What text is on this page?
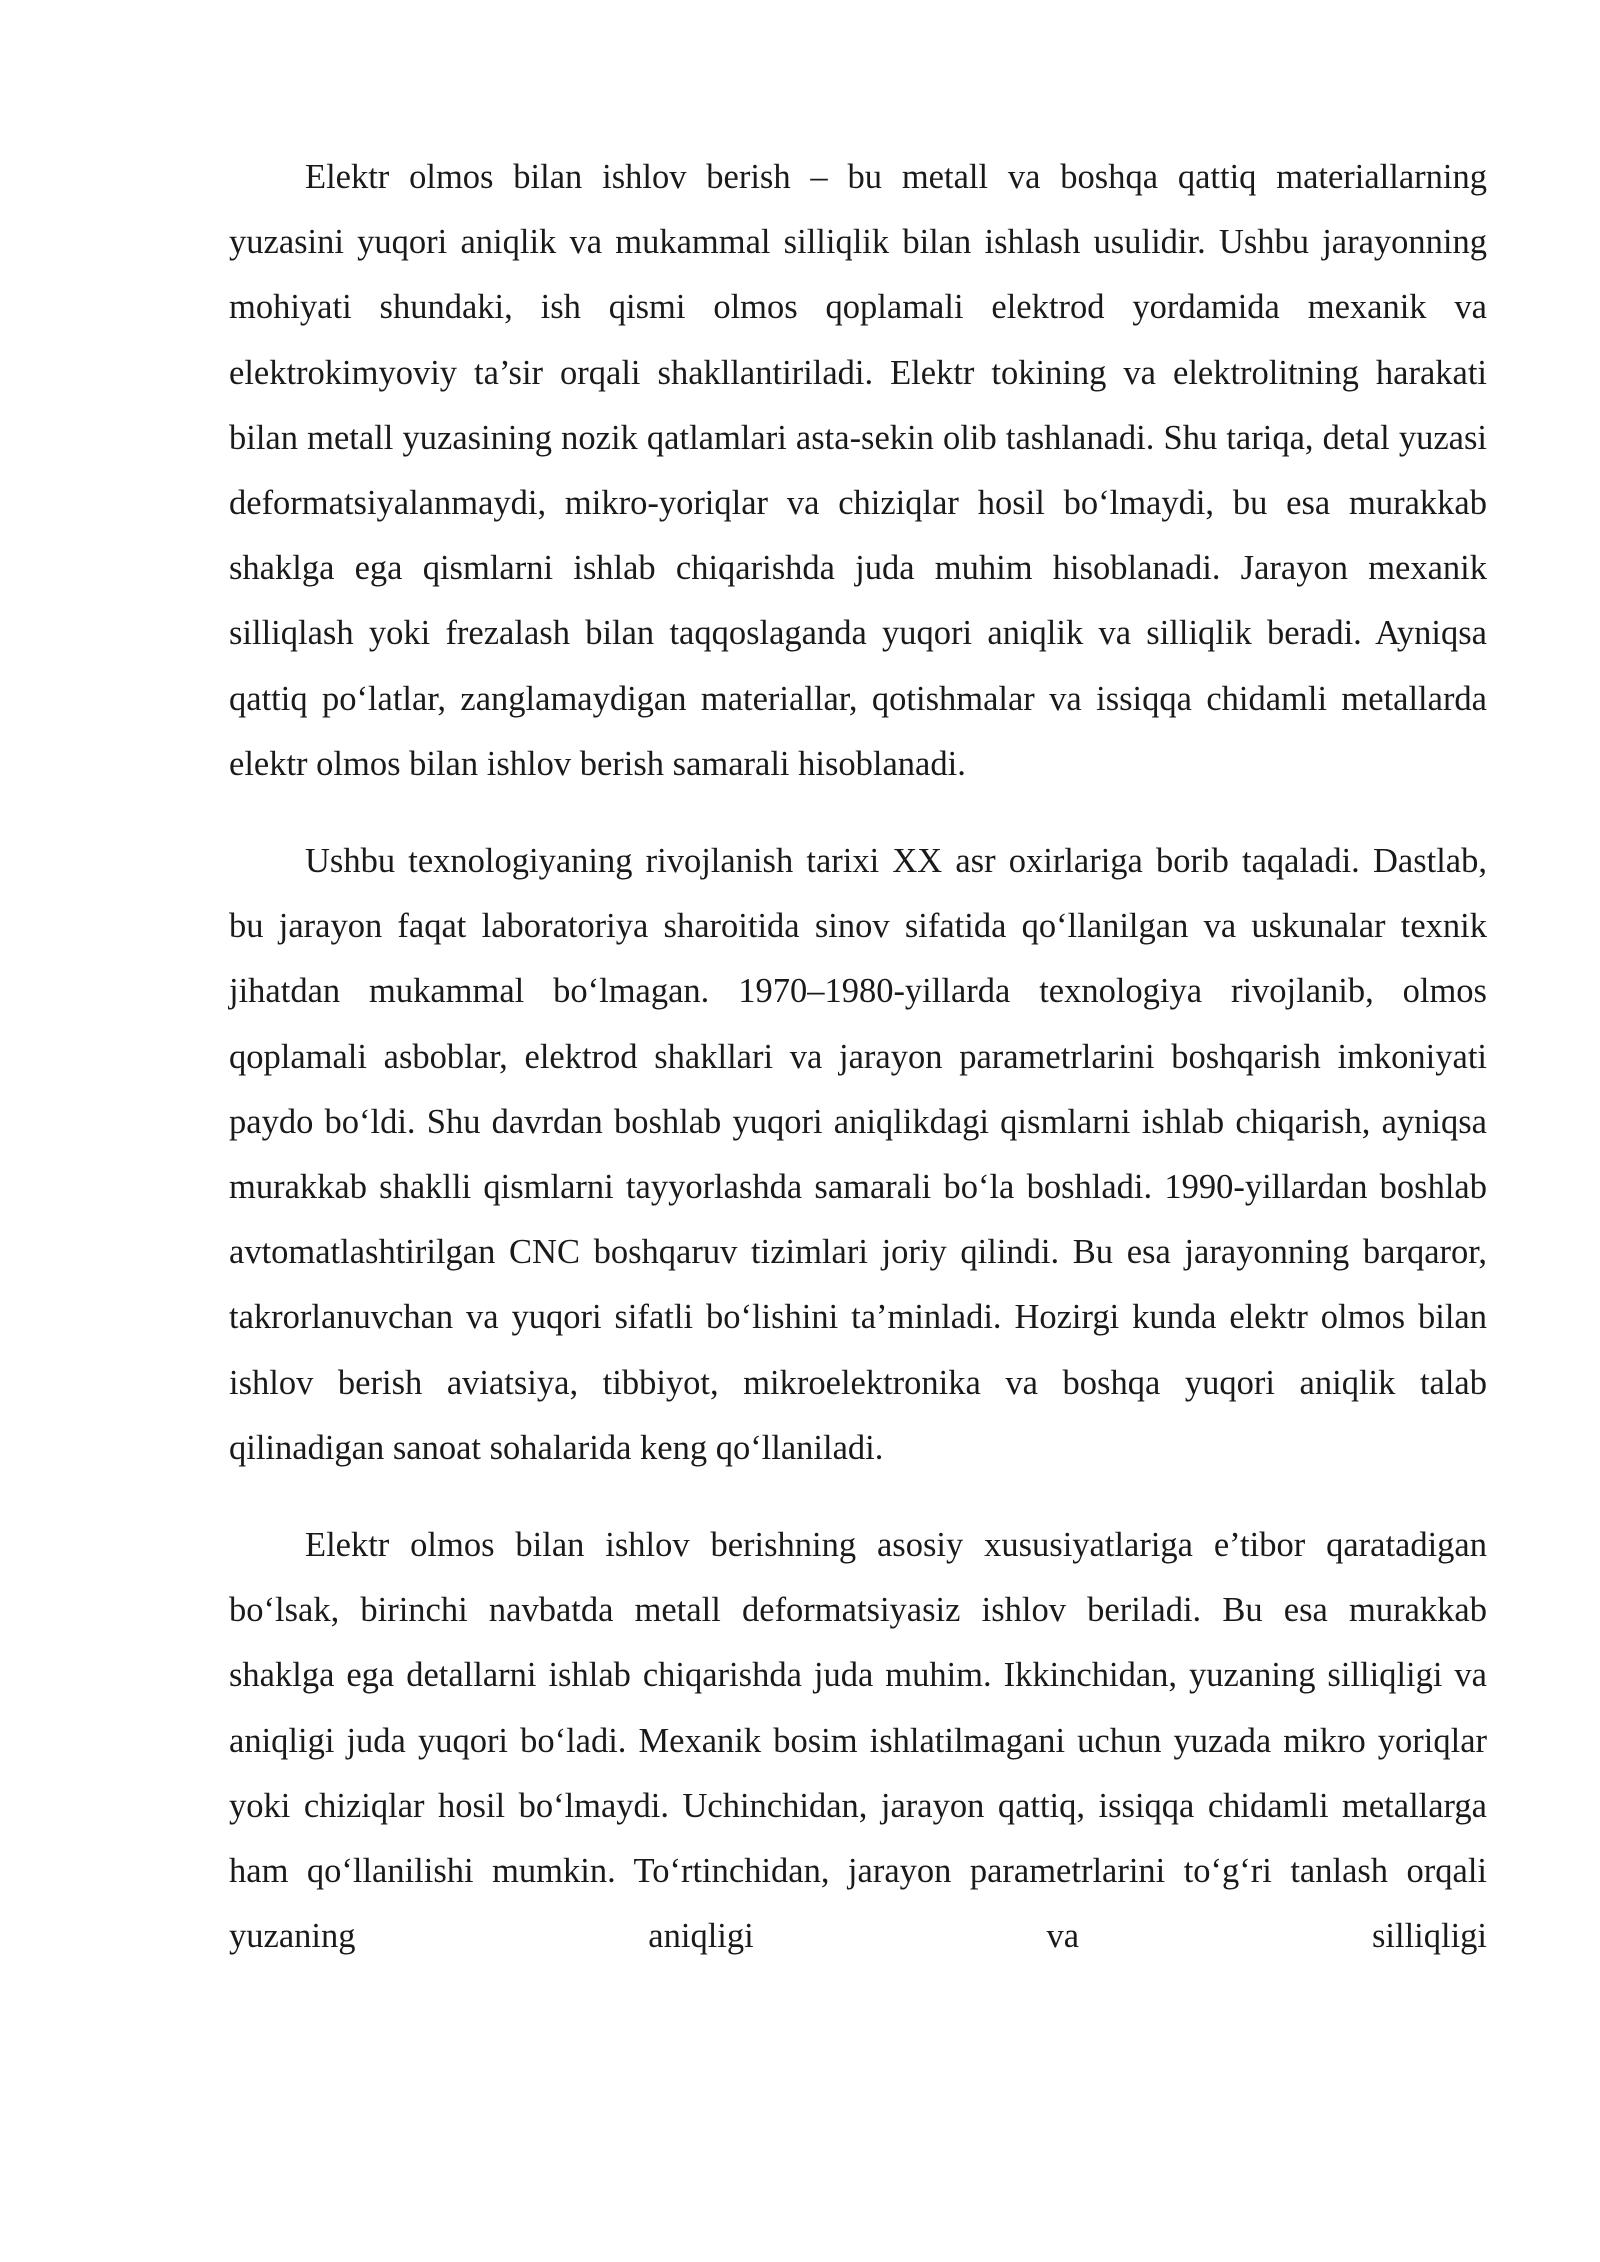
Elektr olmos bilan ishlov berish – bu metall va boshqa qattiq materiallarning yuzasini yuqori aniqlik va mukammal silliqlik bilan ishlash usulidir. Ushbu jarayonning mohiyati shundaki, ish qismi olmos qoplamali elektrod yordamida mexanik va elektrokimyoviy ta’sir orqali shakllantiriladi. Elektr tokining va elektrolitning harakati bilan metall yuzasining nozik qatlamlari asta-sekin olib tashlanadi. Shu tariqa, detal yuzasi deformatsiyalanmaydi, mikro-yoriqlar va chiziqlar hosil bo‘lmaydi, bu esa murakkab shaklga ega qismlarni ishlab chiqarishda juda muhim hisoblanadi. Jarayon mexanik silliqlash yoki frezalash bilan taqqoslaganda yuqori aniqlik va silliqlik beradi. Ayniqsa qattiq po‘latlar, zanglamaydigan materiallar, qotishmalar va issiqqa chidamli metallarda elektr olmos bilan ishlov berish samarali hisoblanadi.

Ushbu texnologiyaning rivojlanish tarixi XX asr oxirlariga borib taqaladi. Dastlab, bu jarayon faqat laboratoriya sharoitida sinov sifatida qo‘llanilgan va uskunalar texnik jihatdan mukammal bo‘lmagan. 1970–1980-yillarda texnologiya rivojlanib, olmos qoplamali asboblar, elektrod shakllari va jarayon parametrlarini boshqarish imkoniyati paydo bo‘ldi. Shu davrdan boshlab yuqori aniqlikdagi qismlarni ishlab chiqarish, ayniqsa murakkab shaklli qismlarni tayyorlashda samarali bo‘la boshladi. 1990-yillardan boshlab avtomatlashtirilgan CNC boshqaruv tizimlari joriy qilindi. Bu esa jarayonning barqaror, takrorlanuvchan va yuqori sifatli bo‘lishini ta’minladi. Hozirgi kunda elektr olmos bilan ishlov berish aviatsiya, tibbiyot, mikroelektronika va boshqa yuqori aniqlik talab qilinadigan sanoat sohalarida keng qo‘llaniladi.

Elektr olmos bilan ishlov berishning asosiy xususiyatlariga e’tibor qaratadigan bo‘lsak, birinchi navbatda metall deformatsiyasiz ishlov beriladi. Bu esa murakkab shaklga ega detallarni ishlab chiqarishda juda muhim. Ikkinchidan, yuzaning silliqligi va aniqligi juda yuqori bo‘ladi. Mexanik bosim ishlatilmagani uchun yuzada mikro yoriqlar yoki chiziqlar hosil bo‘lmaydi. Uchinchidan, jarayon qattiq, issiqqa chidamli metallarga ham qo‘llanilishi mumkin. To‘rtinchidan, jarayon parametrlarini to‘g‘ri tanlash orqali yuzaning aniqligi va silliqligi
